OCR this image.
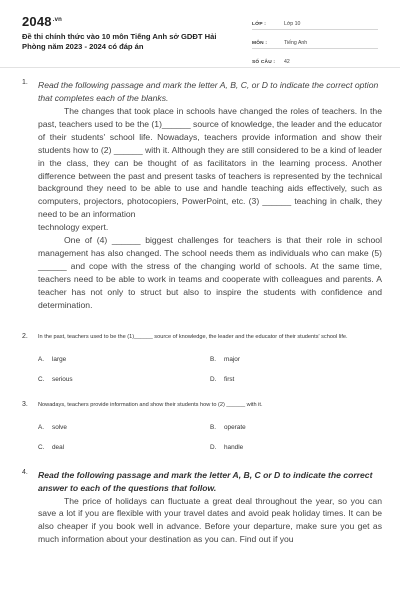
$2048^{.vn}$
Đề thi chính thức vào 10 môn Tiếng Anh sở GDĐT Hải Phòng năm 2023 - 2024 có đáp án
LỚP :	Lớp 10
MÔN :	Tiếng Anh
SỐ CÂU :	42
1. Read the following passage and mark the letter A, B, C, or D to indicate the correct option that completes each of the blanks.

The changes that took place in schools have changed the roles of teachers. In the past, teachers used to be the (1)______ source of knowledge, the leader and the educator of their students' school life. Nowadays, teachers provide information and show their students how to (2) ______ with it. Although they are still considered to be a kind of leader in the class, they can be thought of as facilitators in the learning process. Another difference between the past and present tasks of teachers is represented by the technical background they need to be able to use and handle teaching aids effectively, such as computers, projectors, photocopiers, PowerPoint, etc. (3) ______ teaching in chalk, they need to be an information

technology expert.

One of (4) ______ biggest challenges for teachers is that their role in school management has also changed. The school needs them as individuals who can make (5) ______ and cope with the stress of the changing world of schools. At the same time, teachers need to be able to work in teams and cooperate with colleagues and parents. A teacher has not only to struct but also to inspire the students with confidence and determination.

2. In the past, teachers used to be the (1)______ source of knowledge, the leader and the educator of their students' school life.
A. large	B. major
C. serious	D. first
3. Nowadays, teachers provide information and show their students how to (2) ______ with it.
A. solve	B. operate
C. deal	D. handle
4. Read the following passage and mark the letter A, B, C or D to indicate the correct answer to each of the questions that follow.

The price of holidays can fluctuate a great deal throughout the year, so you can save a lot if you are flexible with your travel dates and avoid peak holiday times. It can be also cheaper if you book well in advance. Before your departure, make sure you get as much information about your destination as you can. Find out if you
